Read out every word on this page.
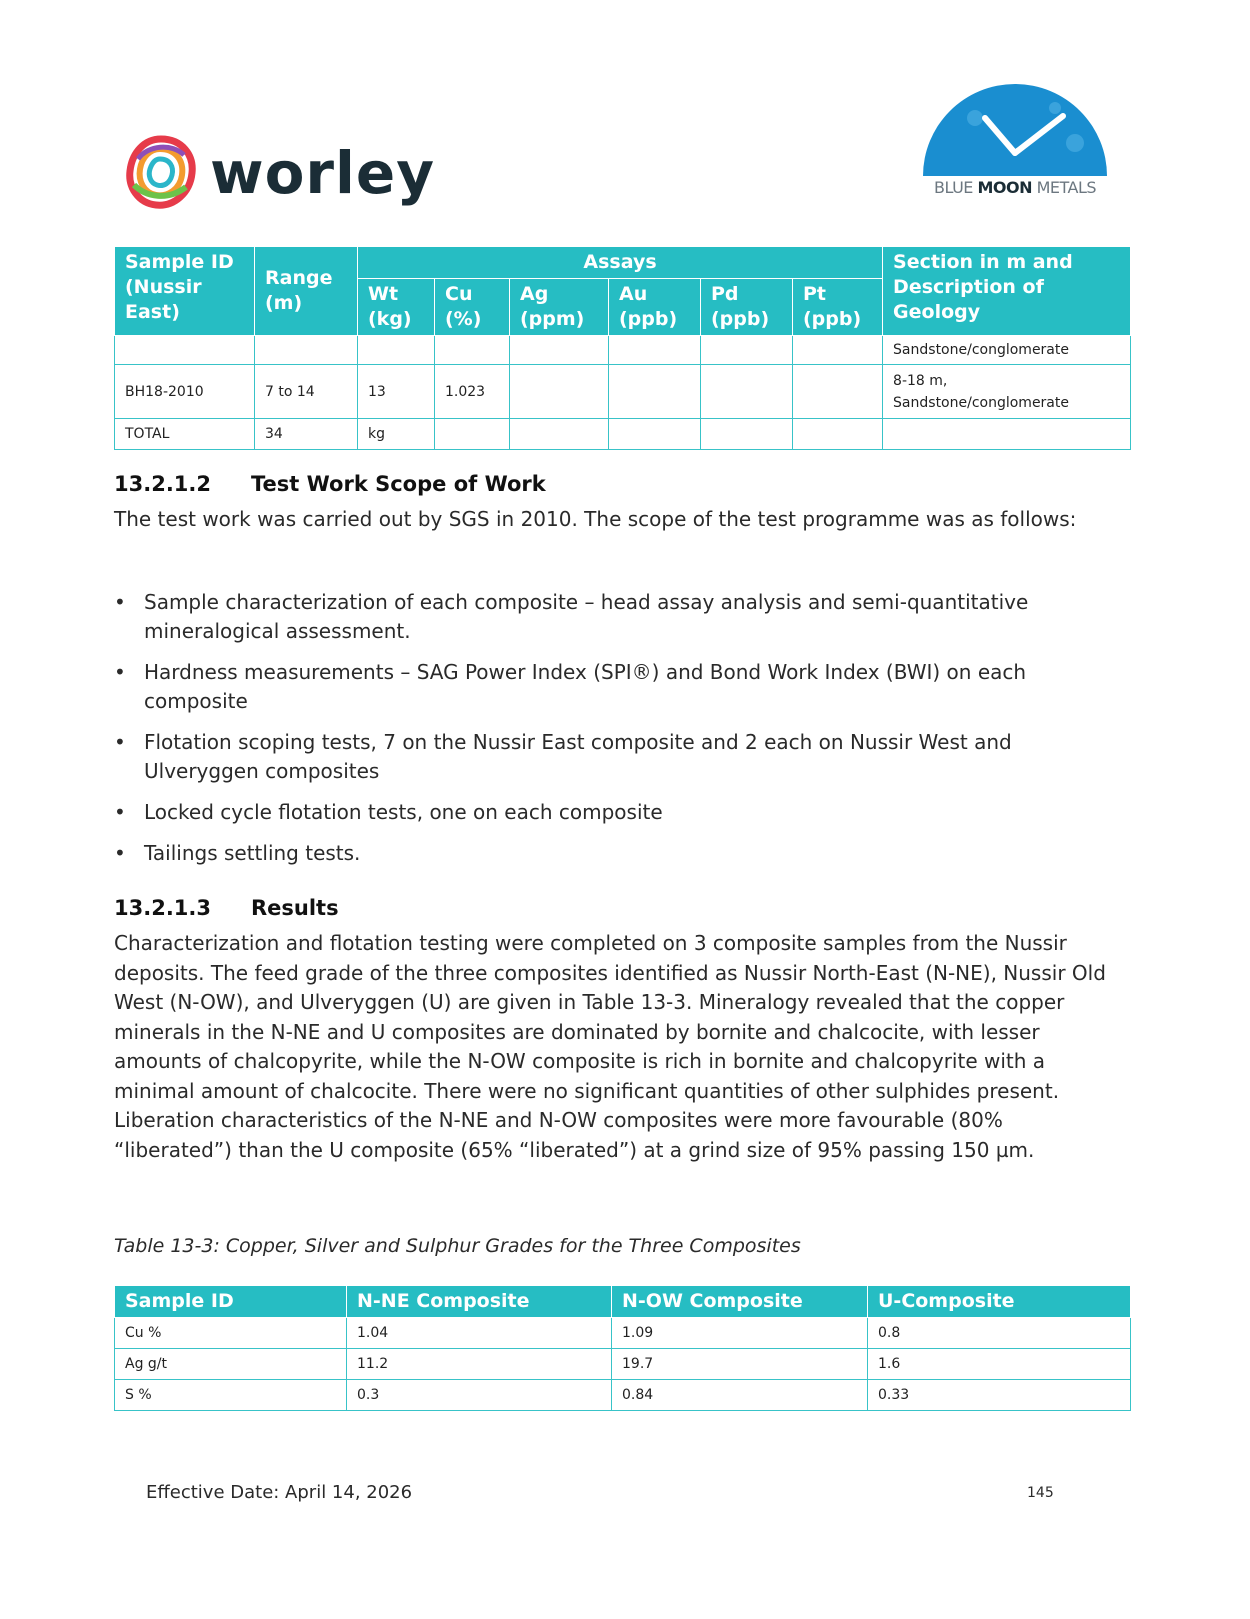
worley	BLUE MOON METALS
Sample ID (Nussir East)	Range (m)	Assays						Section in m and Description of Geology
		Wt (kg)	Cu (%)	Ag (ppm)	Au (ppb)	Pd (ppb)	Pt (ppb)	
								Sandstone/conglomerate
BH18-2010	7 to 14	13	1.023					8-18 m, Sandstone/conglomerate
TOTAL	34	kg						
13.2.1.2 Test Work Scope of Work
The test work was carried out by SGS in 2010. The scope of the test programme was as follows:
• Sample characterization of each composite – head assay analysis and semi-quantitative mineralogical assessment.
• Hardness measurements – SAG Power Index (SPI®) and Bond Work Index (BWI) on each composite
• Flotation scoping tests, 7 on the Nussir East composite and 2 each on Nussir West and Ulveryggen composites
• Locked cycle flotation tests, one on each composite
• Tailings settling tests.
13.2.1.3 Results
Characterization and flotation testing were completed on 3 composite samples from the Nussir deposits. The feed grade of the three composites identified as Nussir North-East (N-NE), Nussir Old West (N-OW), and Ulveryggen (U) are given in Table 13-3. Mineralogy revealed that the copper minerals in the N-NE and U composites are dominated by bornite and chalcocite, with lesser amounts of chalcopyrite, while the N-OW composite is rich in bornite and chalcopyrite with a minimal amount of chalcocite. There were no significant quantities of other sulphides present. Liberation characteristics of the N-NE and N-OW composites were more favourable (80% “liberated”) than the U composite (65% “liberated”) at a grind size of 95% passing 150 µm.
Table 13-3: Copper, Silver and Sulphur Grades for the Three Composites
Sample ID	N-NE Composite	N-OW Composite	U-Composite
Cu %	1.04	1.09	0.8
Ag g/t	11.2	19.7	1.6
S %	0.3	0.84	0.33
Effective Date: April 14, 2026	145
